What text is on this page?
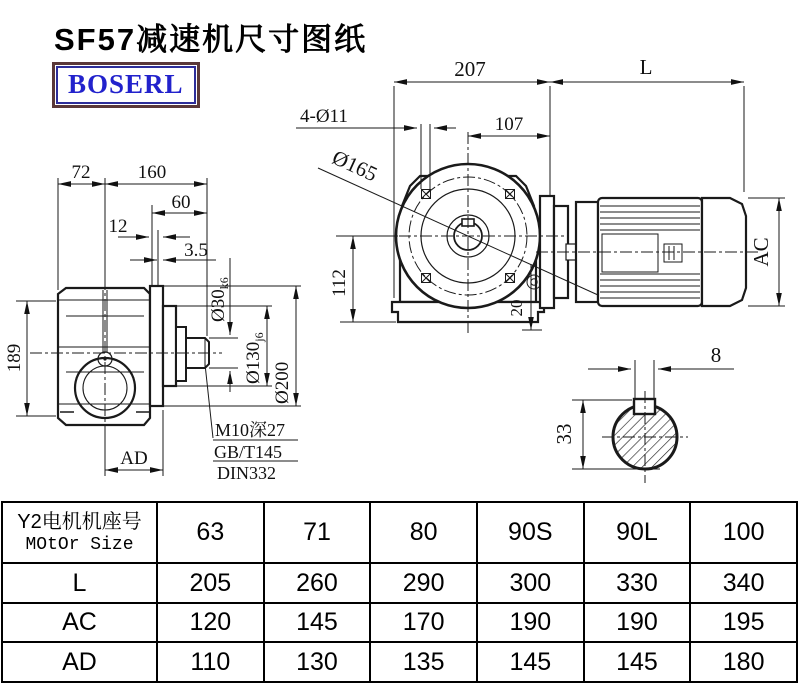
SF57减速机尺寸图纸
BOSERL
72 160
60
12
3.5
189
AD
$Ø30_{k6}$
$Ø130_{j6}$
Ø200
M10深27
GB/T145
DIN332
207	L
4-Ø11	107
Ø165
112
20
AC
8
33
Y2电机机座号
MOtOr Size	63	71	80	90S	90L	100
L	205	260	290	300	330	340
AC	120	145	170	190	190	195
AD	110	130	135	145	145	180
